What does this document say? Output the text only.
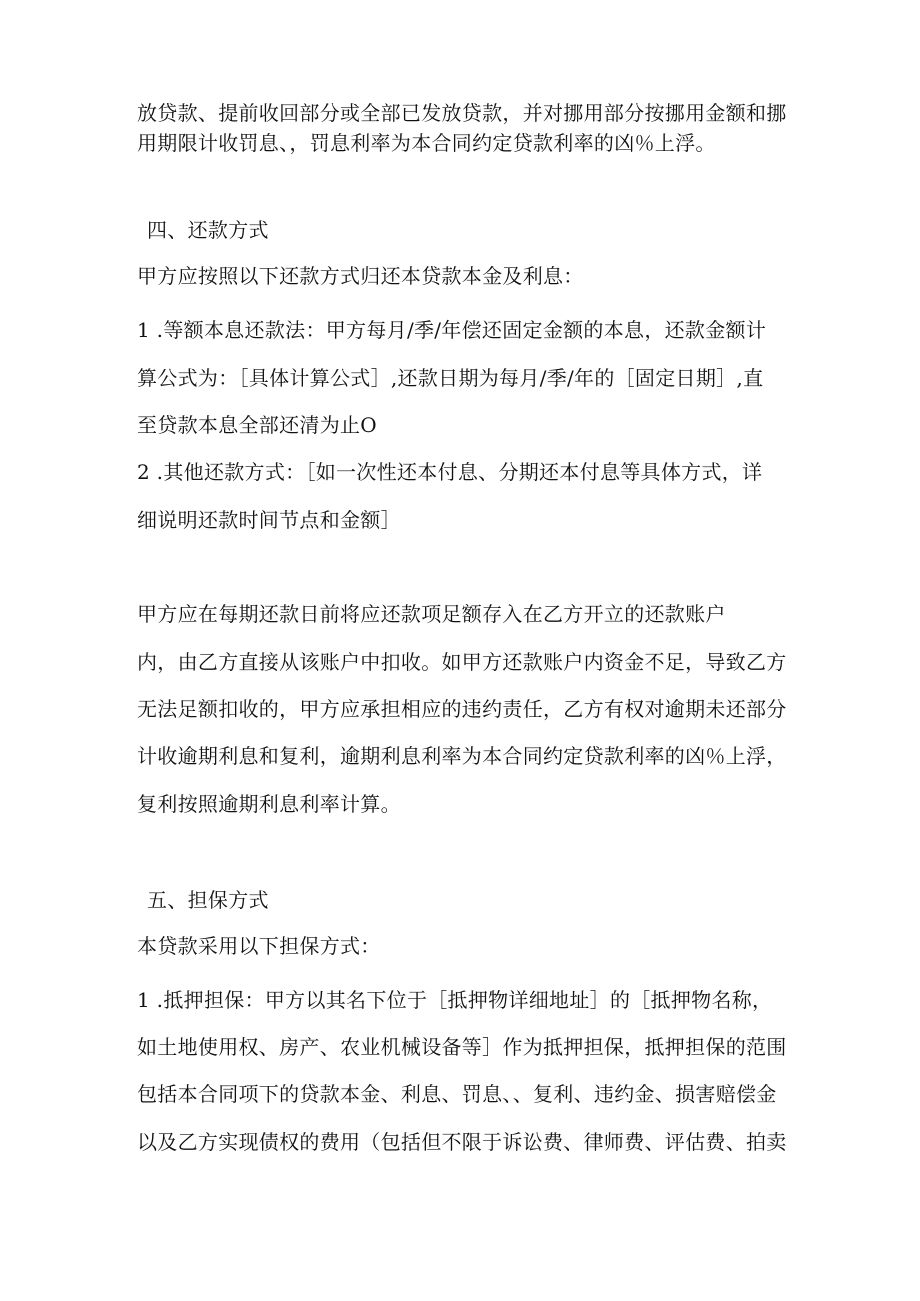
放贷款、提前收回部分或全部已发放贷款，并对挪用部分按挪用金额和挪
用期限计收罚息、，罚息利率为本合同约定贷款利率的凶％上浮。
四、还款方式
甲方应按照以下还款方式归还本贷款本金及利息：
1 .等额本息还款法：甲方每月/季/年偿还固定金额的本息，还款金额计
算公式为：［具体计算公式］,还款日期为每月/季/年的［固定日期］,直
至贷款本息全部还清为止O
2 .其他还款方式：［如一次性还本付息、分期还本付息等具体方式，详
细说明还款时间节点和金额］
甲方应在每期还款日前将应还款项足额存入在乙方开立的还款账户
内，由乙方直接从该账户中扣收。如甲方还款账户内资金不足，导致乙方
无法足额扣收的，甲方应承担相应的违约责任，乙方有权对逾期未还部分
计收逾期利息和复利，逾期利息利率为本合同约定贷款利率的凶％上浮，
复利按照逾期利息利率计算。
五、担保方式
本贷款采用以下担保方式：
1 .抵押担保：甲方以其名下位于［抵押物详细地址］的［抵押物名称，
如土地使用权、房产、农业机械设备等］作为抵押担保，抵押担保的范围
包括本合同项下的贷款本金、利息、罚息、、复利、违约金、损害赔偿金
以及乙方实现债权的费用（包括但不限于诉讼费、律师费、评估费、拍卖
